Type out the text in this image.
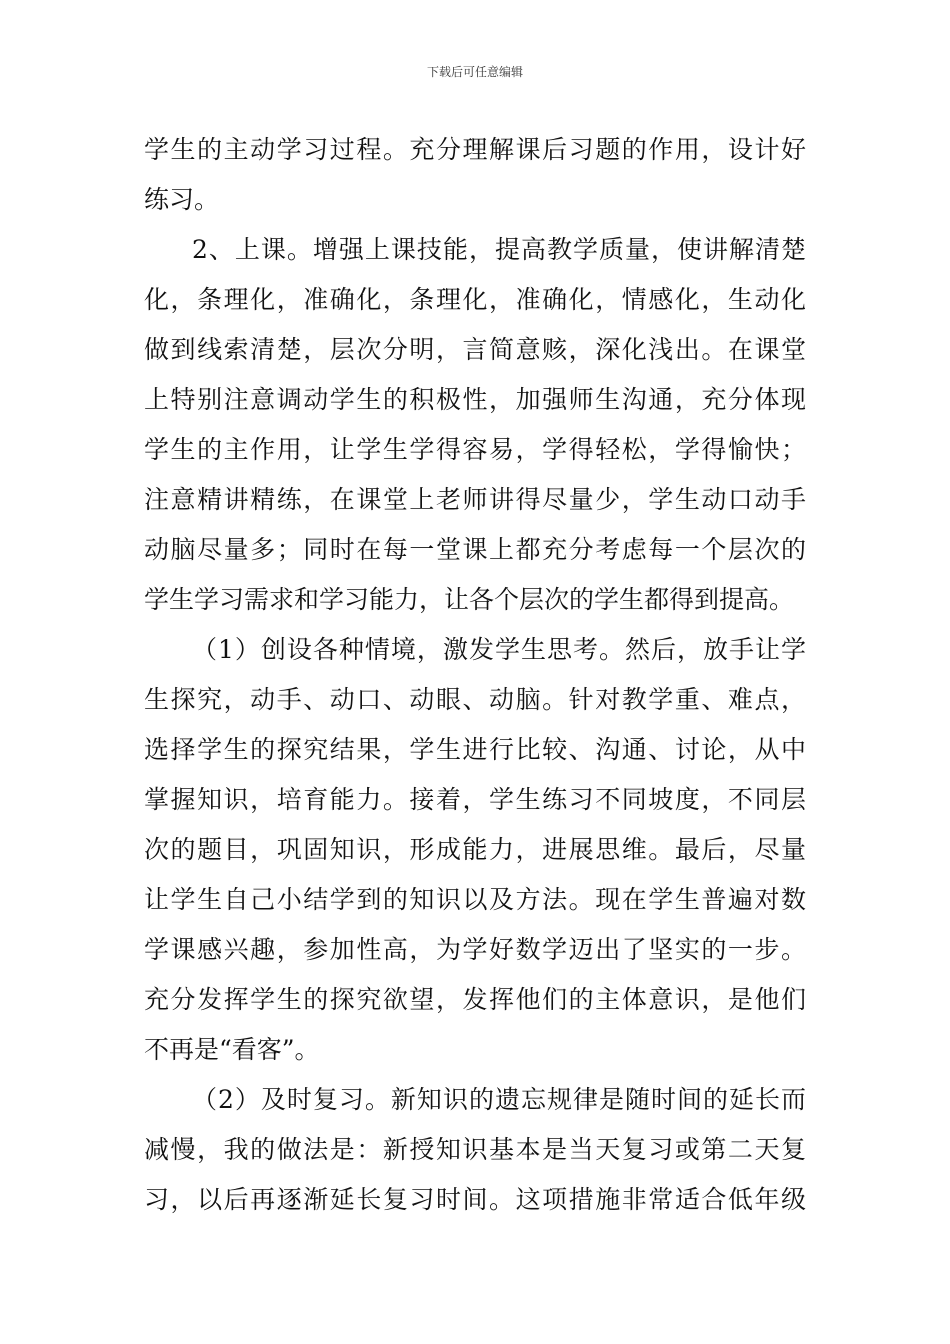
下载后可任意编辑
学生的主动学习过程。充分理解课后习题的作用，设计好
练习。
2、上课。增强上课技能，提高教学质量，使讲解清楚
化，条理化，准确化，条理化，准确化，情感化，生动化
做到线索清楚，层次分明，言简意赅，深化浅出。在课堂
上特别注意调动学生的积极性，加强师生沟通，充分体现
学生的主作用，让学生学得容易，学得轻松，学得愉快；
注意精讲精练，在课堂上老师讲得尽量少，学生动口动手
动脑尽量多；同时在每一堂课上都充分考虑每一个层次的
学生学习需求和学习能力，让各个层次的学生都得到提高。
（1）创设各种情境，激发学生思考。然后，放手让学
生探究，动手、动口、动眼、动脑。针对教学重、难点，
选择学生的探究结果，学生进行比较、沟通、讨论，从中
掌握知识，培育能力。接着，学生练习不同坡度，不同层
次的题目，巩固知识，形成能力，进展思维。最后，尽量
让学生自己小结学到的知识以及方法。现在学生普遍对数
学课感兴趣，参加性高，为学好数学迈出了坚实的一步。
充分发挥学生的探究欲望，发挥他们的主体意识，是他们
不再是“看客”。
（2）及时复习。新知识的遗忘规律是随时间的延长而
减慢，我的做法是：新授知识基本是当天复习或第二天复
习，以后再逐渐延长复习时间。这项措施非常适合低年级
